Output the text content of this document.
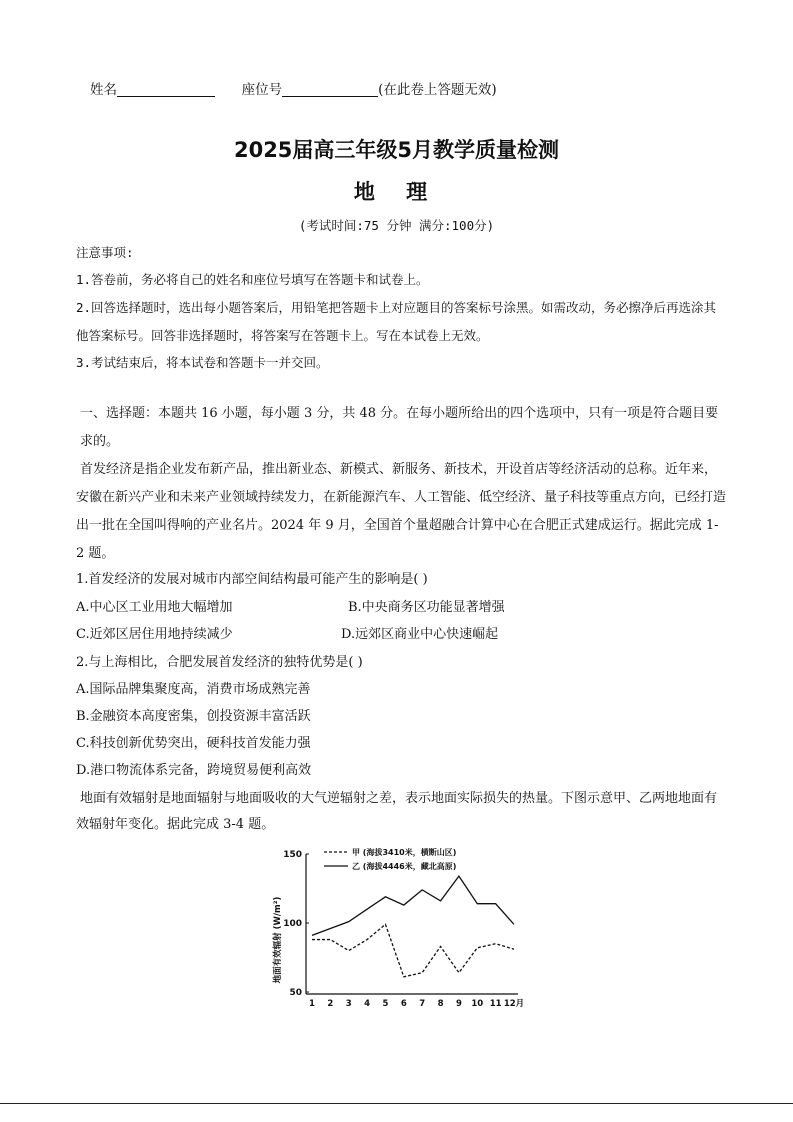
姓名	座位号	(在此卷上答题无效)
2025届高三年级5月教学质量检测
地 理
(考试时间:75 分钟 满分:100分)
注意事项:
1.答卷前，务必将自己的姓名和座位号填写在答题卡和试卷上。
2.回答选择题时，选出每小题答案后，用铅笔把答题卡上对应题目的答案标号涂黑。如需改动，务必擦净后再选涂其他答案标号。回答非选择题时，将答案写在答题卡上。写在本试卷上无效。
3.考试结束后，将本试卷和答题卡一并交回。
一、选择题：本题共 16 小题，每小题 3 分，共 48 分。在每小题所给出的四个选项中，只有一项是符合题目要求的。
首发经济是指企业发布新产品，推出新业态、新模式、新服务、新技术，开设首店等经济活动的总称。近年来，安徽在新兴产业和未来产业领域持续发力，在新能源汽车、人工智能、低空经济、量子科技等重点方向，已经打造出一批在全国叫得响的产业名片。2024 年 9 月，全国首个量超融合计算中心在合肥正式建成运行。据此完成 1-2 题。
1.首发经济的发展对城市内部空间结构最可能产生的影响是( )
A.中心区工业用地大幅增加	B.中央商务区功能显著增强
C.近郊区居住用地持续减少	D.远郊区商业中心快速崛起
2.与上海相比，合肥发展首发经济的独特优势是( )
A.国际品牌集聚度高，消费市场成熟完善
B.金融资本高度密集，创投资源丰富活跃
C.科技创新优势突出，硬科技首发能力强
D.港口物流体系完备，跨境贸易便利高效
地面有效辐射是地面辐射与地面吸收的大气逆辐射之差，表示地面实际损失的热量。下图示意甲、乙两地地面有效辐射年变化。据此完成 3-4 题。
50
100
150
1 2 3 4 5 6 7 8 9 10 11 12月
甲 (海拔3410米，横断山区)
乙 (海拔4446米，藏北高原)
地面有效辐射 (W/m²)
